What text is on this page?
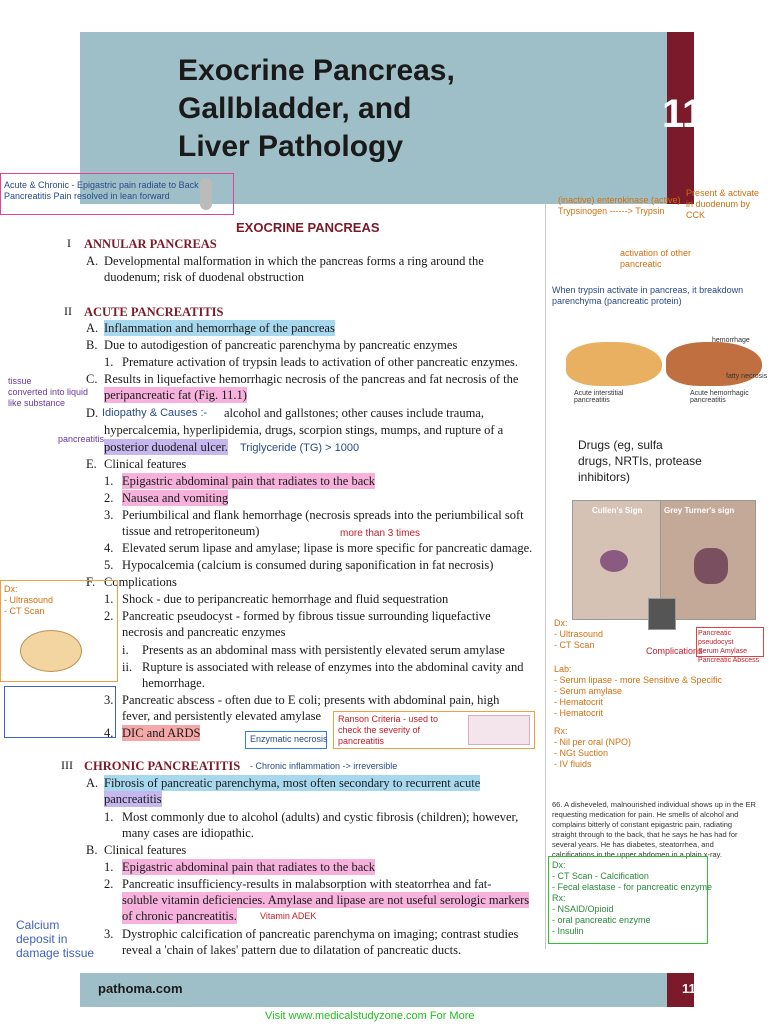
Exocrine Pancreas,
Gallbladder, and
Liver Pathology
11
Acute & Chronic - Epigastric pain radiate to Back
Pancreatitis Pain resolved in lean forward
EXOCRINE PANCREAS
I ANNULAR PANCREAS
A. Developmental malformation in which the pancreas forms a ring around the
duodenum; risk of duodenal obstruction
(inactive) enterokinase (active)
Trypsinogen ------> Trypsin
Present & activate
in duodenum by
CCK
activation of other
pancreatic
When trypsin activate in pancreas, it breakdown
parenchyma (pancreatic protein)
II ACUTE PANCREATITIS
A. Inflammation and hemorrhage of the pancreas
B. Due to autodigestion of pancreatic parenchyma by pancreatic enzymes
1. Premature activation of trypsin leads to activation of other pancreatic enzymes.
C. Results in liquefactive hemorrhagic necrosis of the pancreas and fat necrosis of the
peripancreatic fat (Fig. 11.1)
tissue
converted into liquid
like substance
D. Idiopathy & Causes :- alcohol and gallstones; other causes include trauma,
hypercalcemia, hyperlipidemia, drugs, scorpion stings, mumps, and rupture of a
posterior duodenal ulcer.
pancreatitis
Triglyceride (TG) > 1000	Drugs (eg, sulfa
drugs, NRTIs, protease
inhibitors)
E. Clinical features
1. Epigastric abdominal pain that radiates to the back
2. Nausea and vomiting
3. Periumbilical and flank hemorrhage (necrosis spreads into the periumbilical soft
tissue and retroperitoneum)
4. Elevated serum lipase and amylase; lipase is more specific for pancreatic damage.
more than 3 times
5. Hypocalcemia (calcium is consumed during saponification in fat necrosis)
F. Complications
1. Shock - due to peripancreatic hemorrhage and fluid sequestration
2. Pancreatic pseudocyst - formed by fibrous tissue surrounding liquefactive
necrosis and pancreatic enzymes
i. Presents as an abdominal mass with persistently elevated serum amylase
ii. Rupture is associated with release of enzymes into the abdominal cavity and
hemorrhage.
3. Pancreatic abscess - often due to E coli; presents with abdominal pain, high
fever, and persistently elevated amylase
4. DIC and ARDS
Dx:
- Ultrasound
- CT Scan
Enzymatic necrosis
Ranson Criteria - used to check the severity of pancreatitis
III CHRONIC PANCREATITIS - Chronic inflammation -> irreversible
A. Fibrosis of pancreatic parenchyma, most often secondary to recurrent acute
pancreatitis
1. Most commonly due to alcohol (adults) and cystic fibrosis (children); however,
many cases are idiopathic.
B. Clinical features
1. Epigastric abdominal pain that radiates to the back
2. Pancreatic insufficiency-results in malabsorption with steatorrhea and fat-
soluble vitamin deficiencies. Amylase and lipase are not useful serologic markers
of chronic pancreatitis.	Vitamin ADEK
3. Dystrophic calcification of pancreatic parenchyma on imaging; contrast studies
reveal a 'chain of lakes' pattern due to dilatation of pancreatic ducts.
Calcium
deposit in
damage tissue
Acute interstitial
pancreatitis
Acute hemorrhagic
pancreatitis
hemorrhage
fatty necrosis
Cullen's Sign	Grey Turner's sign
Dx:
- Ultrasound
- CT Scan
Complications
Pancreatic pseudocyst
Serum Amylase
Pancreatic Abscess
Lab:
- Serum lipase - more Sensitive & Specific
- Serum amylase
- Hematocrit
- Hematocrit
Rx:
- Nil per oral (NPO)
- NGt Suction
- IV fluids
66. A disheveled, malnourished individual shows up in the ER requesting medication for pain. He smells of alcohol and complains bitterly of constant epigastric pain, radiating straight through to the back, that he says he has had for several years. He has diabetes, steatorrhea, and calcifications in the upper abdomen in a plain x-ray.
Dx:
- CT Scan - Calcification
- Fecal elastase - for pancreatic enzyme
Rx:
- NSAID/Opioid
- oral pancreatic enzyme
- Insulin
pathoma.com	115
Visit www.medicalstudyzone.com For More
